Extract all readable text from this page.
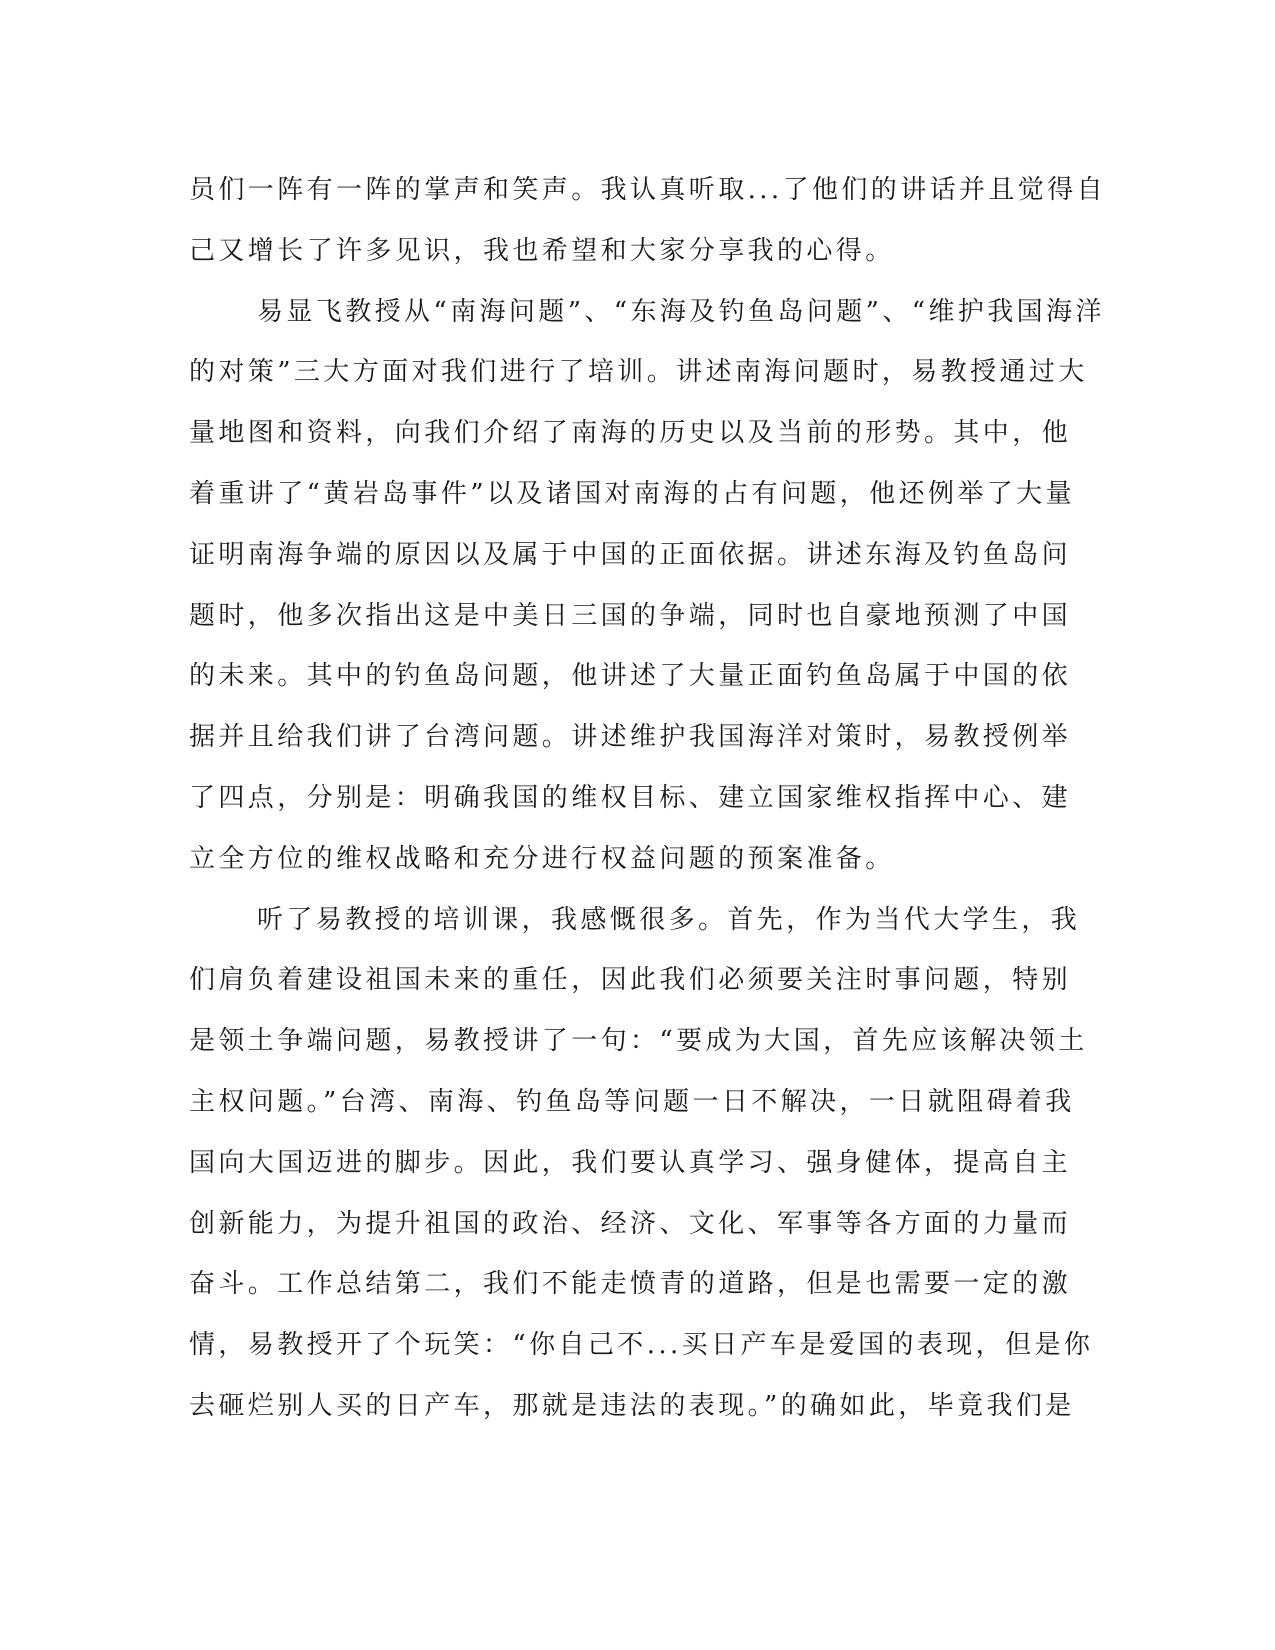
员们一阵有一阵的掌声和笑声。我认真听取...了他们的讲话并且觉得自
己又增长了许多见识，我也希望和大家分享我的心得。
易显飞教授从“南海问题”、“东海及钓鱼岛问题”、“维护我国海洋
的对策”三大方面对我们进行了培训。讲述南海问题时，易教授通过大
量地图和资料，向我们介绍了南海的历史以及当前的形势。其中，他
着重讲了“黄岩岛事件”以及诸国对南海的占有问题，他还例举了大量
证明南海争端的原因以及属于中国的正面依据。讲述东海及钓鱼岛问
题时，他多次指出这是中美日三国的争端，同时也自豪地预测了中国
的未来。其中的钓鱼岛问题，他讲述了大量正面钓鱼岛属于中国的依
据并且给我们讲了台湾问题。讲述维护我国海洋对策时，易教授例举
了四点，分别是：明确我国的维权目标、建立国家维权指挥中心、建
立全方位的维权战略和充分进行权益问题的预案准备。
听了易教授的培训课，我感慨很多。首先，作为当代大学生，我
们肩负着建设祖国未来的重任，因此我们必须要关注时事问题，特别
是领土争端问题，易教授讲了一句：“要成为大国，首先应该解决领土
主权问题。”台湾、南海、钓鱼岛等问题一日不解决，一日就阻碍着我
国向大国迈进的脚步。因此，我们要认真学习、强身健体，提高自主
创新能力，为提升祖国的政治、经济、文化、军事等各方面的力量而
奋斗。工作总结第二，我们不能走愤青的道路，但是也需要一定的激
情，易教授开了个玩笑：“你自己不...买日产车是爱国的表现，但是你
去砸烂别人买的日产车，那就是违法的表现。”的确如此，毕竟我们是
